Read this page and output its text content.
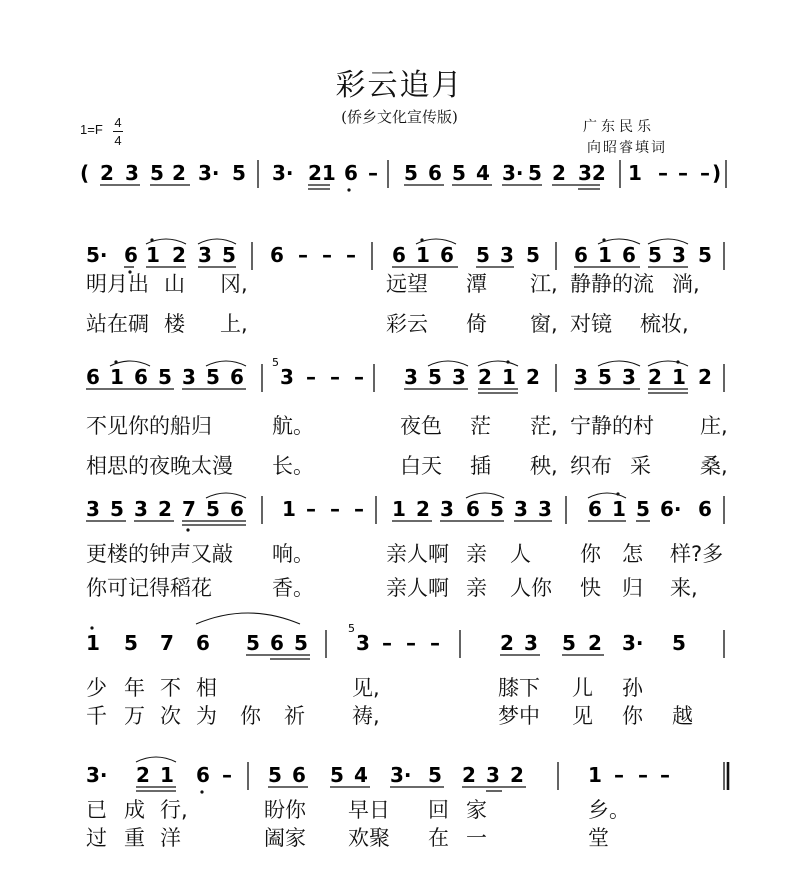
彩云追月
(侨乡文化宣传版)
1=F 4
4
广东民乐
向昭睿填词
( 2 3 5 2 3· 5 3· 21 6 – 5 6 5 4 3· 5 2 32 1 – – – )
5· 6 1 2 3 5 6 – – – 6 1 6 5 3 5 6 1 6 5 3 5
6 1 6 5 3 5 6
5
3 – – – 3 5 3 2 1 2 3 5 3 2 1 2
3 5 3 2 7 5 6 1 – – – 1 2 3 6 5 3 3 6 1 5 6· 6
1 5 7 6 5 6 5
5
3 – – –	2 3 5 2 3· 5
3· 2 1 6 – 5 6 5 4 3· 5 2 3 2	1 – – –
明月出 山 冈,	远望 潭 江, 静静的流 淌,
站在碉 楼 上,	彩云 倚 窗, 对镜 梳妆,
不见你的船归	航。	夜色 茫 茫, 宁静的村 庄,
相思的夜晚太漫 长。	白天 插 秧, 织布 采 桑,
更楼的钟声又敲 响。	亲人啊 亲 人 你 怎 样?多
你可记得稻花	香。	亲人啊 亲 人你 快 归 来,
少 年 不 相	见,	膝下 儿 孙
千 万 次 为 你 祈 祷,	梦中 见 你 越
已 成 行,	盼你 早日 回 家	乡。
过 重 洋	阖家 欢聚 在 一	堂
